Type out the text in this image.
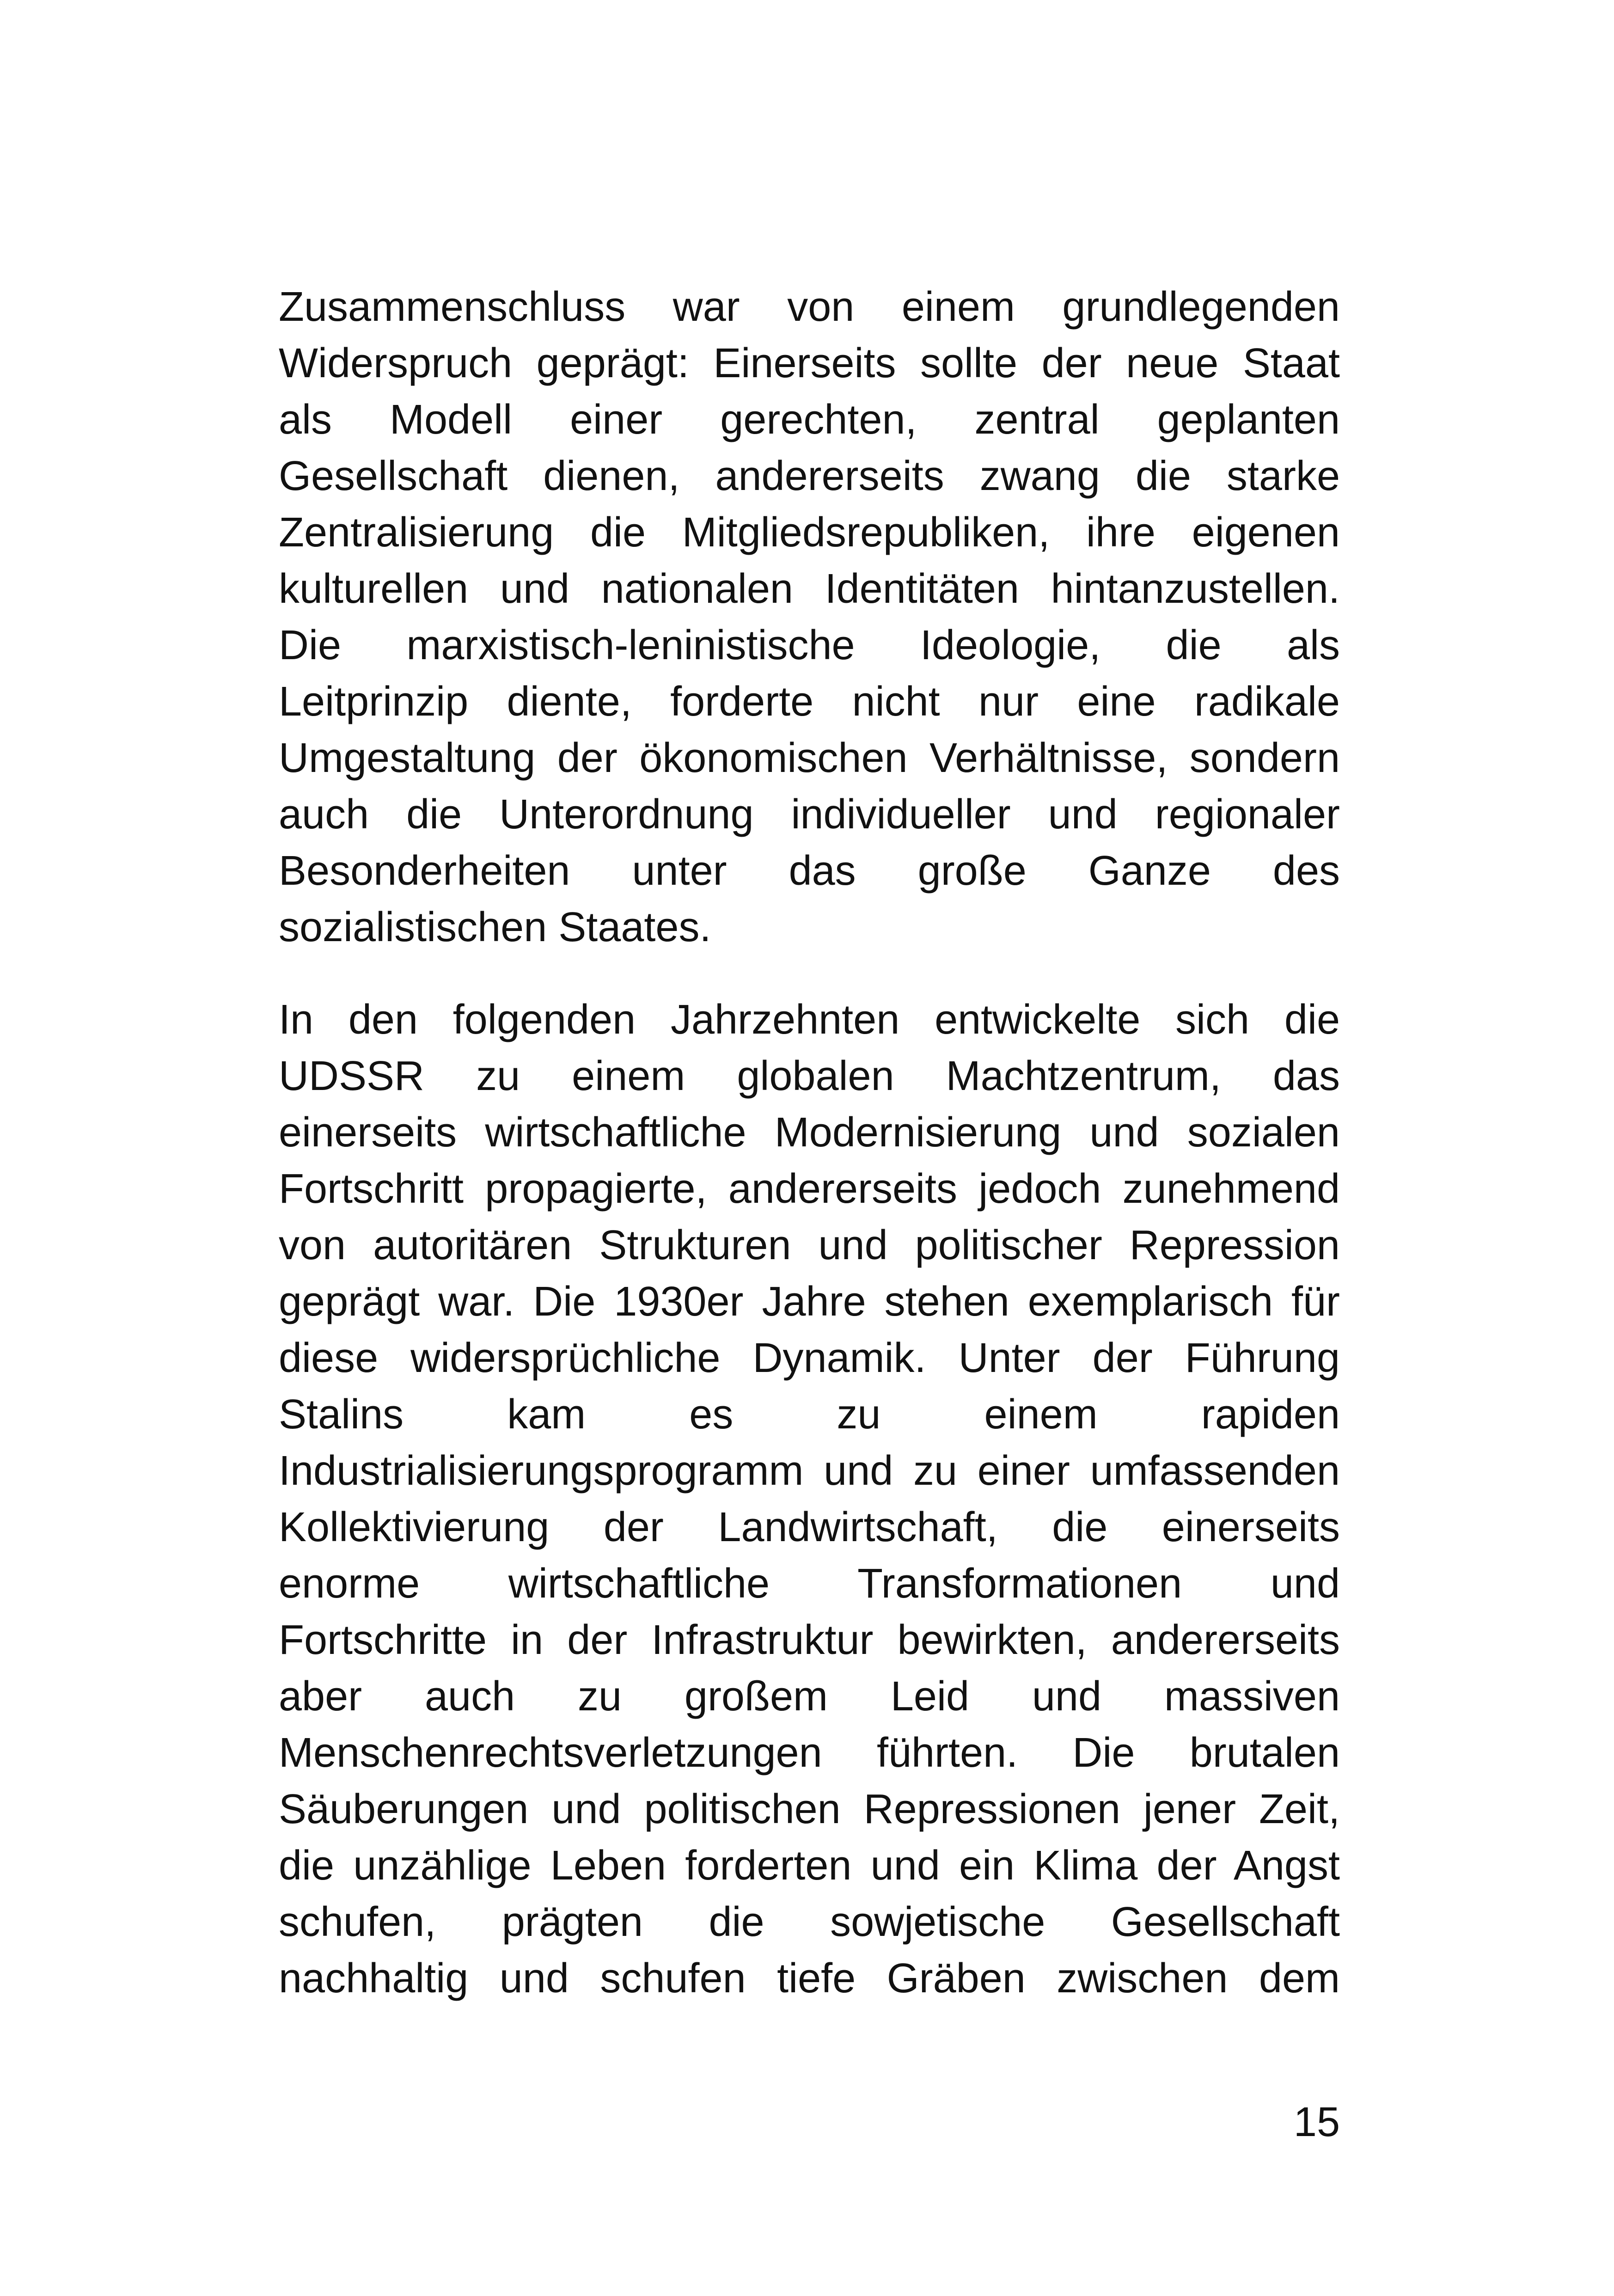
Zusammenschluss war von einem grundlegenden
Widerspruch geprägt: Einerseits sollte der neue Staat
als Modell einer gerechten, zentral geplanten
Gesellschaft dienen, andererseits zwang die starke
Zentralisierung die Mitgliedsrepubliken, ihre eigenen
kulturellen und nationalen Identitäten hintanzustellen.
Die marxistisch-leninistische Ideologie, die als
Leitprinzip diente, forderte nicht nur eine radikale
Umgestaltung der ökonomischen Verhältnisse, sondern
auch die Unterordnung individueller und regionaler
Besonderheiten unter das große Ganze des
sozialistischen Staates.

In den folgenden Jahrzehnten entwickelte sich die
UDSSR zu einem globalen Machtzentrum, das
einerseits wirtschaftliche Modernisierung und sozialen
Fortschritt propagierte, andererseits jedoch zunehmend
von autoritären Strukturen und politischer Repression
geprägt war. Die 1930er Jahre stehen exemplarisch für
diese widersprüchliche Dynamik. Unter der Führung
Stalins kam es zu einem rapiden
Industrialisierungsprogramm und zu einer umfassenden
Kollektivierung der Landwirtschaft, die einerseits
enorme wirtschaftliche Transformationen und
Fortschritte in der Infrastruktur bewirkten, andererseits
aber auch zu großem Leid und massiven
Menschenrechtsverletzungen führten. Die brutalen
Säuberungen und politischen Repressionen jener Zeit,
die unzählige Leben forderten und ein Klima der Angst
schufen, prägten die sowjetische Gesellschaft
nachhaltig und schufen tiefe Gräben zwischen dem

15
